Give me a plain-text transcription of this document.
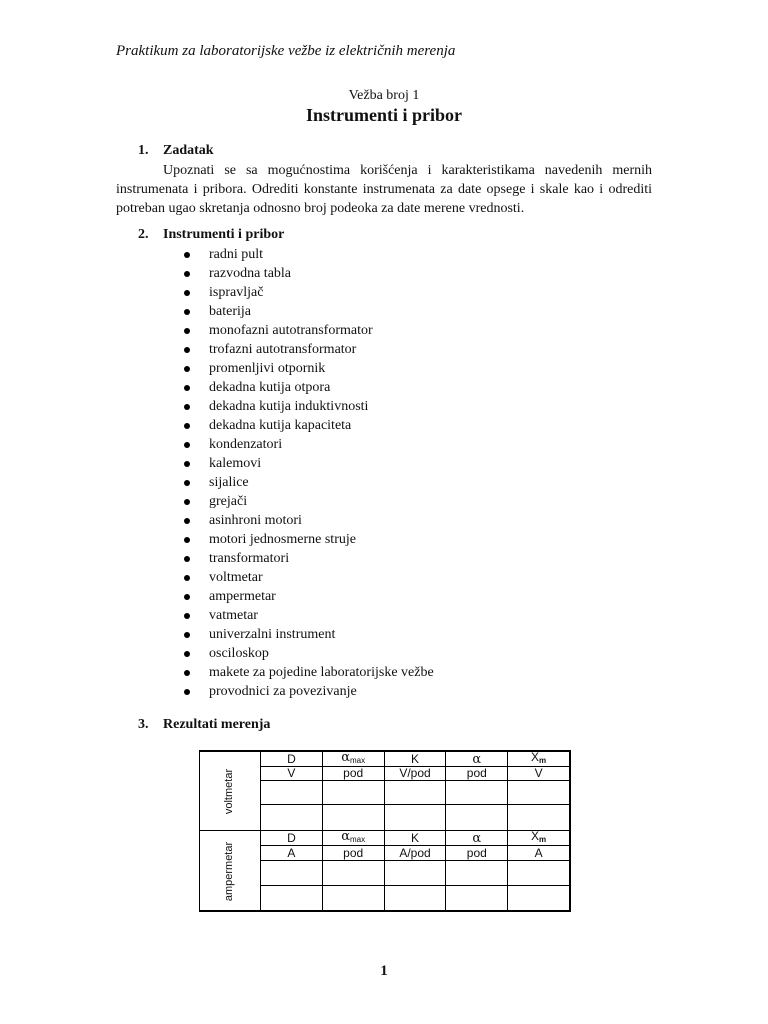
Praktikum za laboratorijske vežbe iz električnih merenja
Vežba broj 1
Instrumenti i pribor
1. Zadatak

Upoznati se sa mogućnostima korišćenja i karakteristikama navedenih mernih instrumenata i pribora. Odrediti konstante instrumenata za date opsege i skale kao i odrediti potreban ugao skretanja odnosno broj podeoka za date merene vrednosti.

2. Instrumenti i pribor
radni pult
razvodna tabla
ispravljač
baterija
monofazni autotransformator
trofazni autotransformator
promenljivi otpornik
dekadna kutija otpora
dekadna kutija induktivnosti
dekadna kutija kapaciteta
kondenzatori
kalemovi
sijalice
grejači
asinhroni motori
motori jednosmerne struje
transformatori
voltmetar
ampermetar
vatmetar
univerzalni instrument
osciloskop
makete za pojedine laboratorijske vežbe
provodnici za povezivanje
3. Rezultati merenja
voltmetar	D	$\alpha_{max}$	K	α	Xm
	V	pod	V/pod	pod	V

ampermetar	D	$\alpha_{max}$	K	α	Xm
	A	pod	A/pod	pod	A

1
